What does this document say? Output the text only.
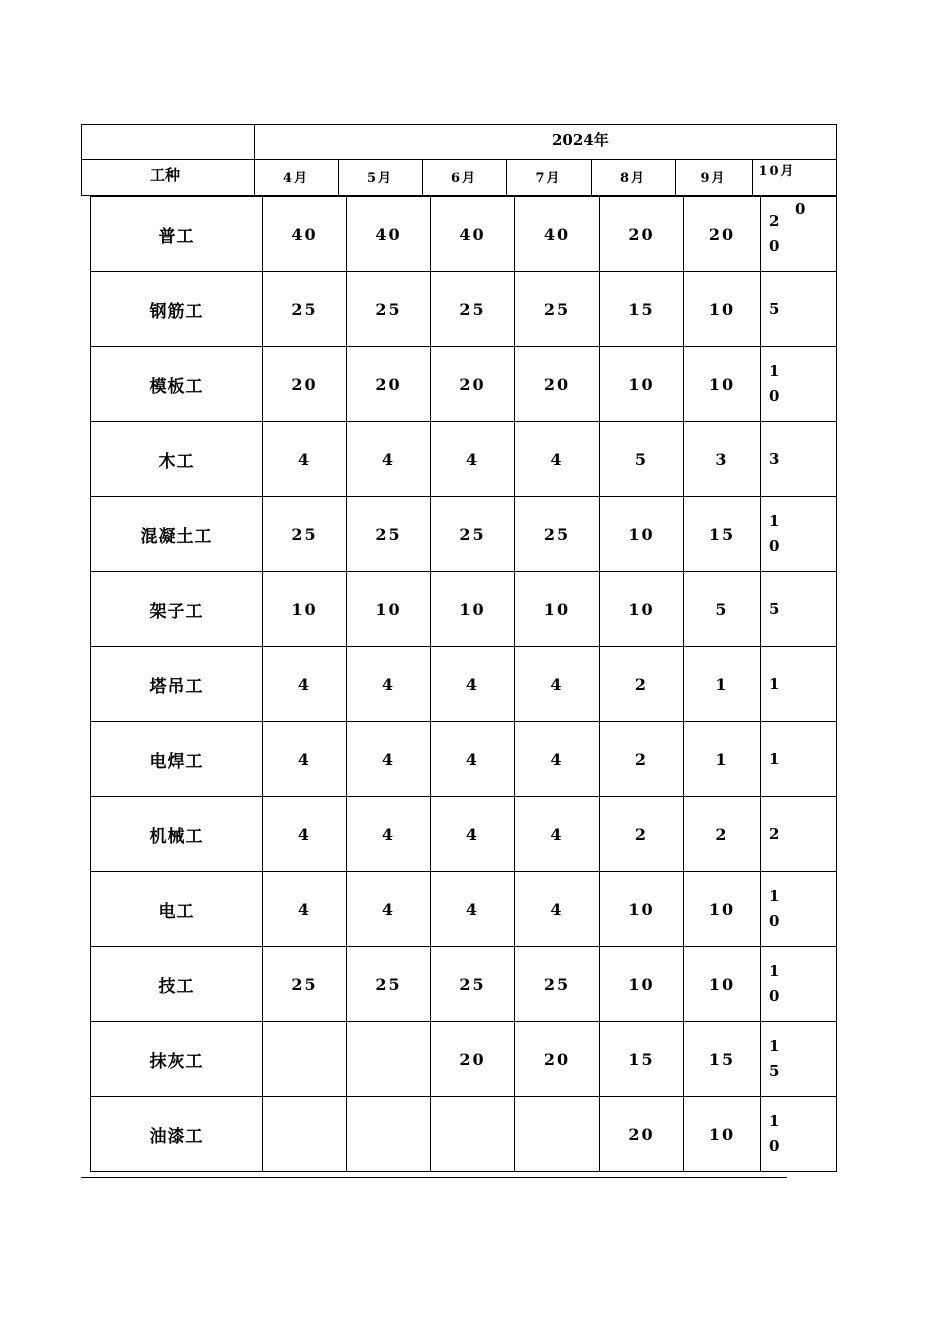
2024年
工种	4月	5月	6月	7月	8月	9月	10月
普工	40	40	40	40	20	20	20

钢筋工	25	25	25	25	15	10	5

模板工	20	20	20	20	10	10	10

木工	4	4	4	4	5	3	3

混凝土工	25	25	25	25	10	15	10

架子工	10	10	10	10	10	5	5

塔吊工	4	4	4	4	2	1	1

电焊工	4	4	4	4	2	1	1

机械工	4	4	4	4	2	2	2

电工	4	4	4	4	10	10	10

技工	25	25	25	25	10	10	10

抹灰工			20	20	15	15	15

油漆工					20	10	10
0
